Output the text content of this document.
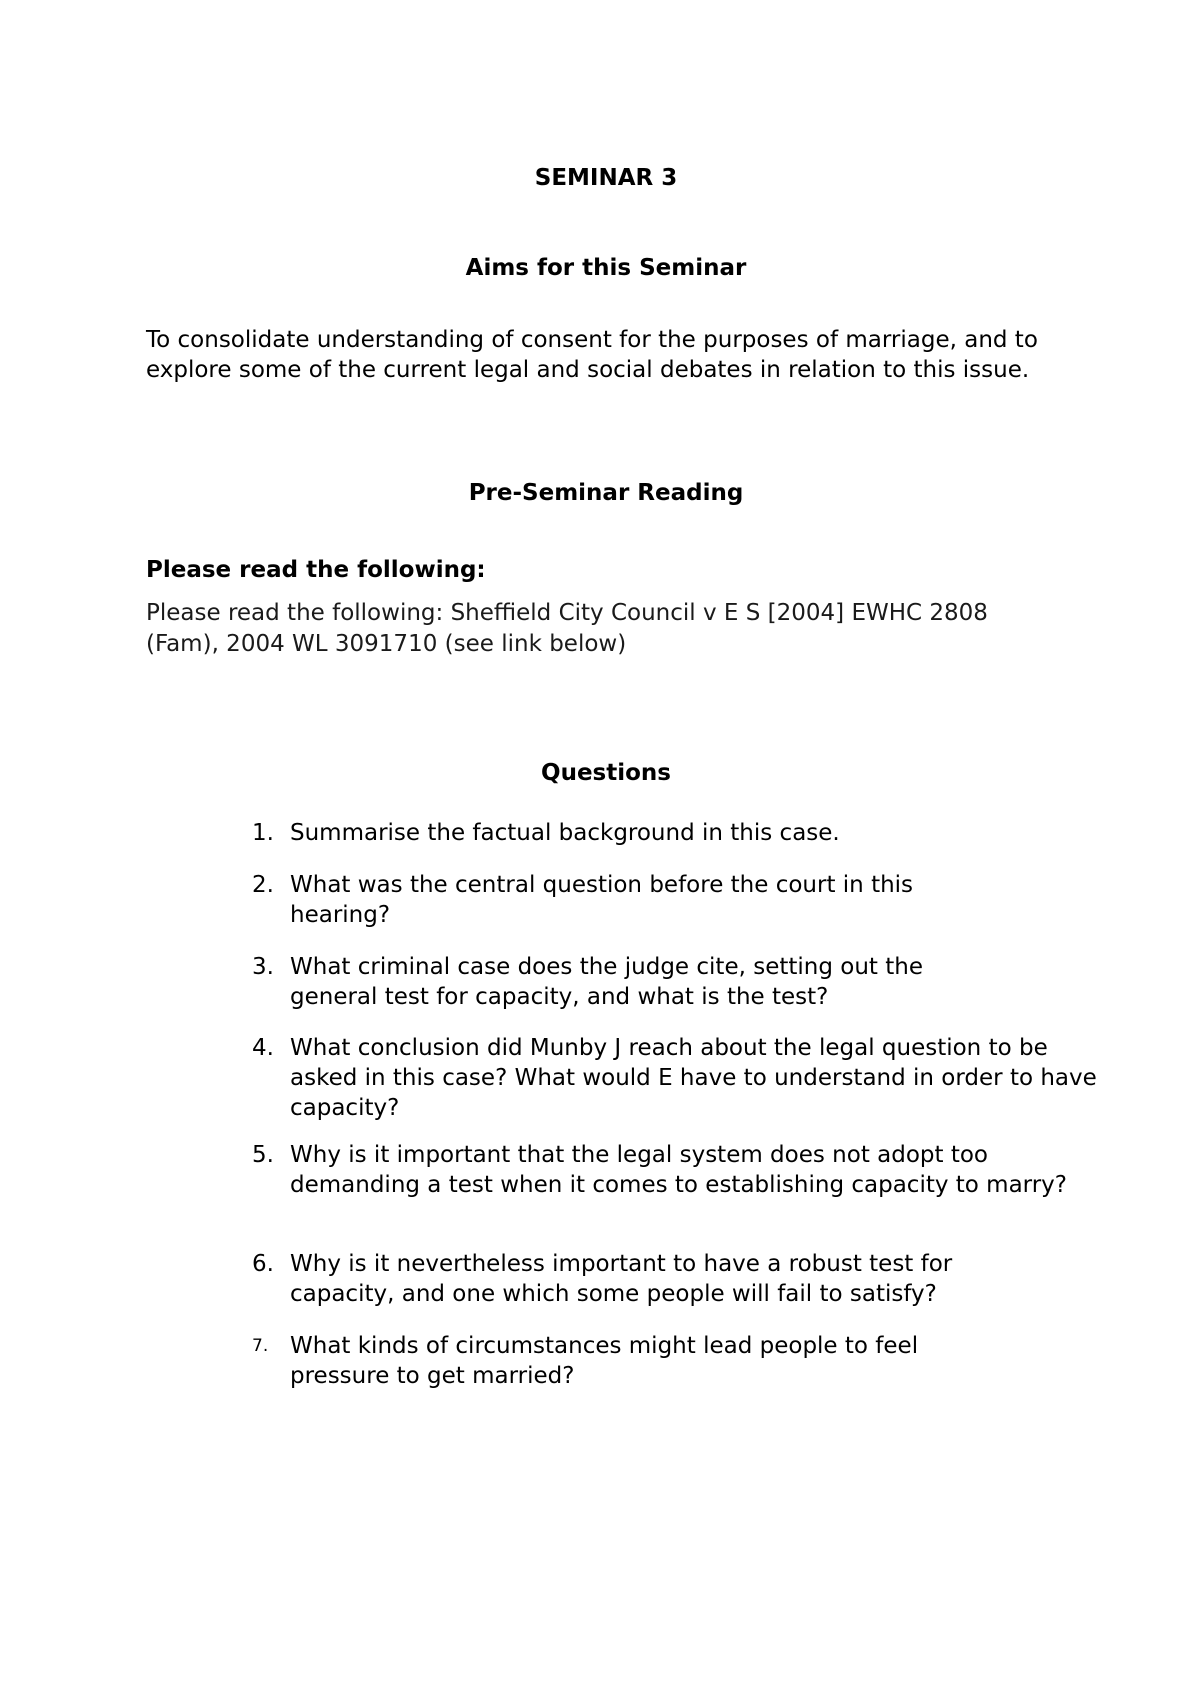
SEMINAR 3
Aims for this Seminar
To consolidate understanding of consent for the purposes of marriage, and to explore some of the current legal and social debates in relation to this issue.
Pre-Seminar Reading
Please read the following:
Please read the following: Sheffield City Council v E S [2004] EWHC 2808 (Fam), 2004 WL 3091710 (see link below)
Questions
1. Summarise the factual background in this case.
2. What was the central question before the court in this hearing?
3. What criminal case does the judge cite, setting out the general test for capacity, and what is the test?
4. What conclusion did Munby J reach about the legal question to be asked in this case? What would E have to understand in order to have capacity?
5. Why is it important that the legal system does not adopt too demanding a test when it comes to establishing capacity to marry?
6. Why is it nevertheless important to have a robust test for capacity, and one which some people will fail to satisfy?
7. What kinds of circumstances might lead people to feel pressure to get married?
